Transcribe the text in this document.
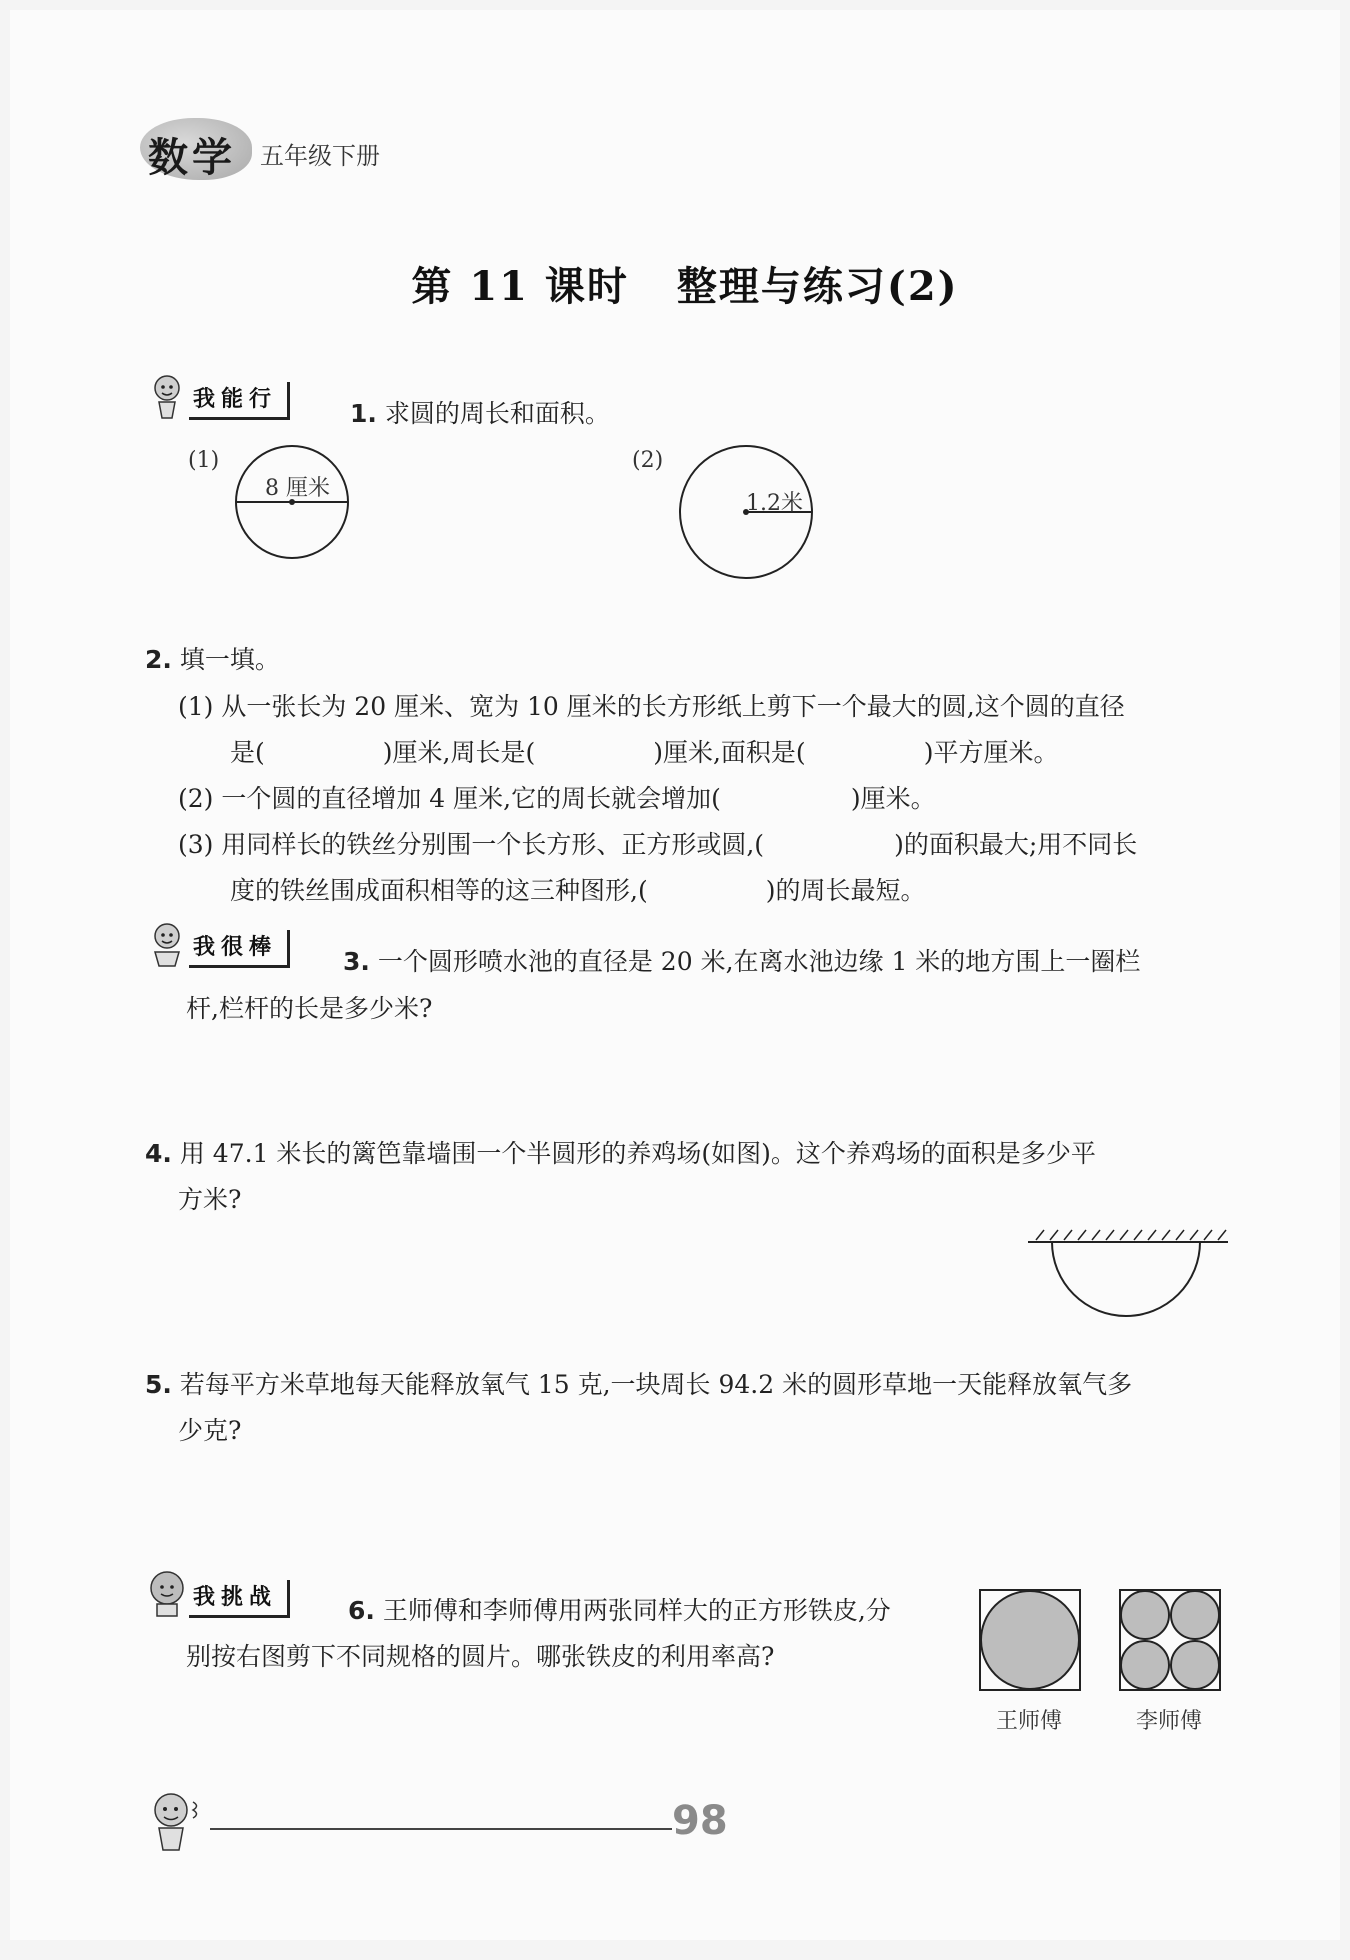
数学 五年级下册
第 11 课时 整理与练习(2)
我能行	1. 求圆的周长和面积。
(1)
8 厘米
(2)
1.2米
2. 填一填。
(1) 从一张长为 20 厘米、宽为 10 厘米的长方形纸上剪下一个最大的圆,这个圆的直径
是(	)厘米,周长是(	)厘米,面积是(	)平方厘米。
(2) 一个圆的直径增加 4 厘米,它的周长就会增加(	)厘米。
(3) 用同样长的铁丝分别围一个长方形、正方形或圆,(	)的面积最大;用不同长
度的铁丝围成面积相等的这三种图形,(	)的周长最短。
我很棒	3. 一个圆形喷水池的直径是 20 米,在离水池边缘 1 米的地方围上一圈栏
杆,栏杆的长是多少米?
4. 用 47.1 米长的篱笆靠墙围一个半圆形的养鸡场(如图)。这个养鸡场的面积是多少平
方米?
5. 若每平方米草地每天能释放氧气 15 克,一块周长 94.2 米的圆形草地一天能释放氧气多
少克?
我挑战	6. 王师傅和李师傅用两张同样大的正方形铁皮,分
别按右图剪下不同规格的圆片。哪张铁皮的利用率高?
王师傅	李师傅
98
